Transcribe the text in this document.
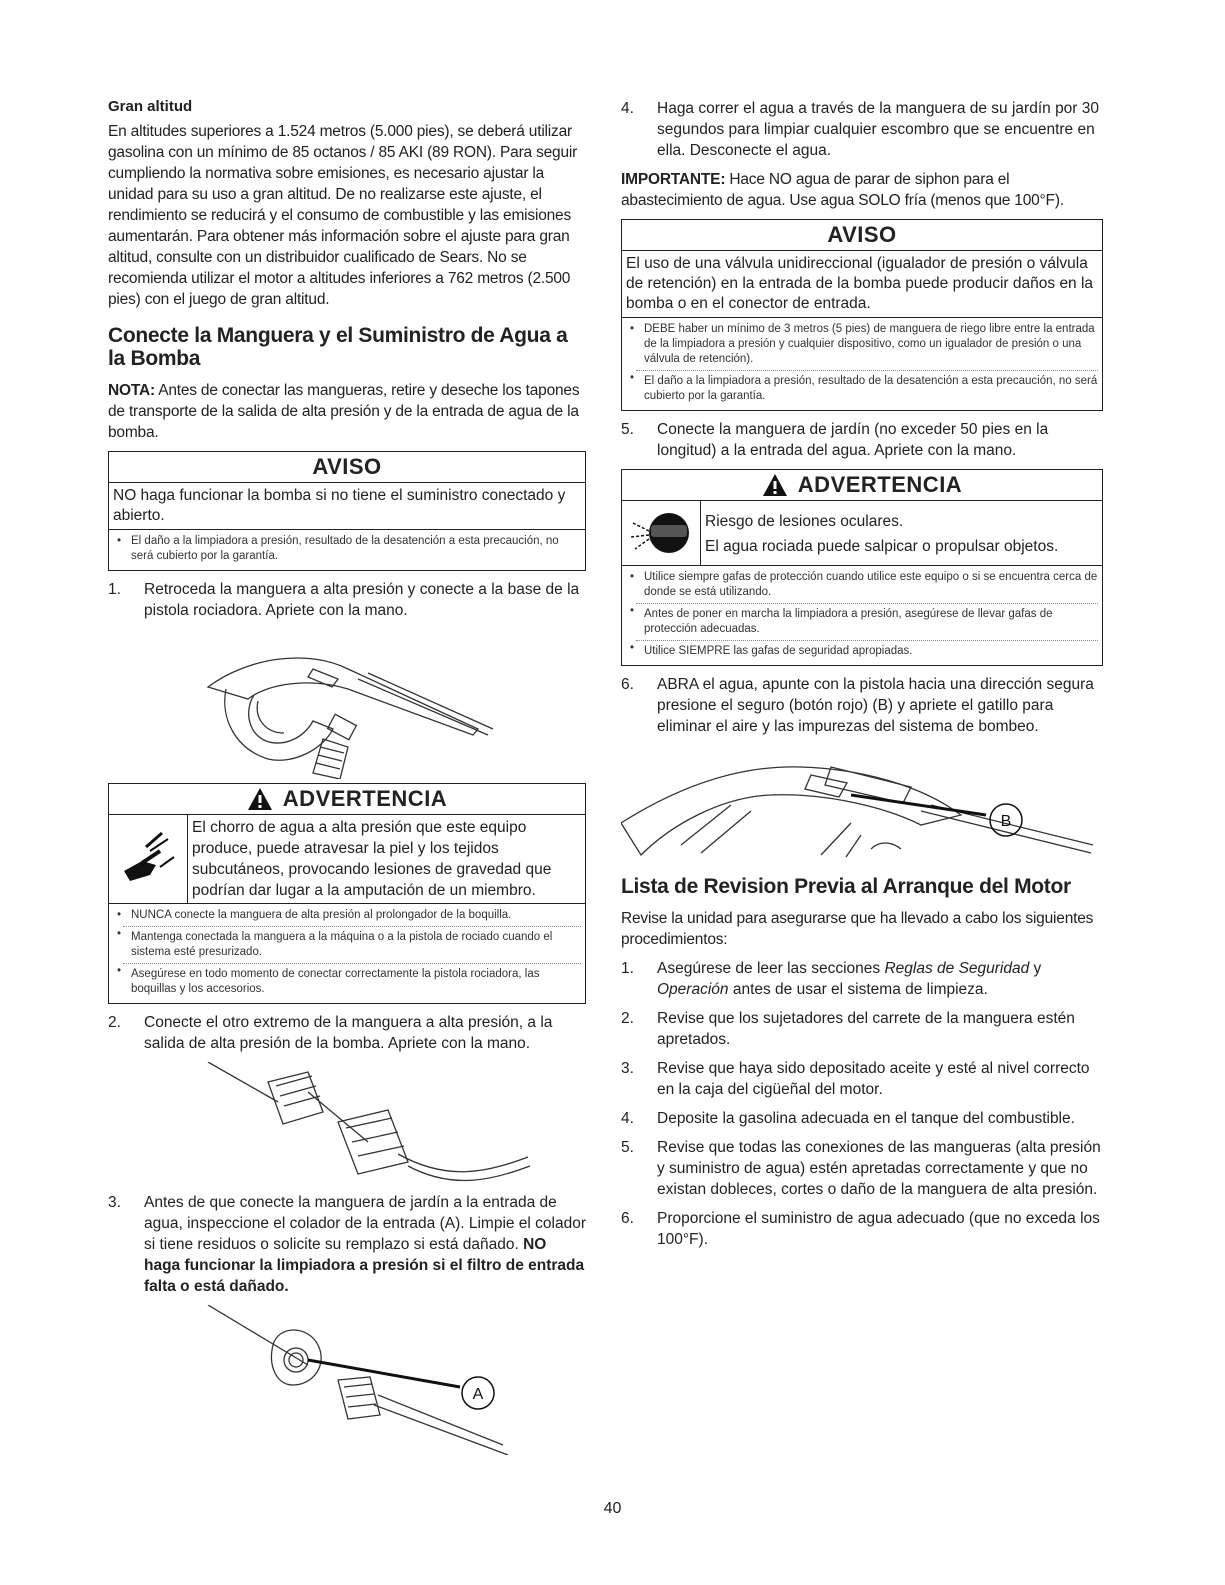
Gran altitud

En altitudes superiores a 1.524 metros (5.000 pies), se deberá utilizar gasolina con un mínimo de 85 octanos / 85 AKI (89 RON). Para seguir cumpliendo la normativa sobre emisiones, es necesario ajustar la unidad para su uso a gran altitud. De no realizarse este ajuste, el rendimiento se reducirá y el consumo de combustible y las emisiones aumentarán. Para obtener más información sobre el ajuste para gran altitud, consulte con un distribuidor cualificado de Sears. No se recomienda utilizar el motor a altitudes inferiores a 762 metros (2.500 pies) con el juego de gran altitud.

Conecte la Manguera y el Suministro de Agua a la Bomba

NOTA: Antes de conectar las mangueras, retire y deseche los tapones de transporte de la salida de alta presión y de la entrada de agua de la bomba.

AVISO
NO haga funcionar la bomba si no tiene el suministro conectado y abierto.
• El daño a la limpiadora a presión, resultado de la desatención a esta precaución, no será cubierto por la garantía.
1.	Retroceda la manguera a alta presión y conecte a la base de la pistola rociadora. Apriete con la mano.
ADVERTENCIA
El chorro de agua a alta presión que este equipo produce, puede atravesar la piel y los tejidos subcutáneos, provocando lesiones de gravedad que podrían dar lugar a la amputación de un miembro.
• NUNCA conecte la manguera de alta presión al prolongador de la boquilla.
• Mantenga conectada la manguera a la máquina o a la pistola de rociado cuando el sistema esté presurizado.
• Asegúrese en todo momento de conectar correctamente la pistola rociadora, las boquillas y los accesorios.
2.	Conecte el otro extremo de la manguera a alta presión, a la salida de alta presión de la bomba. Apriete con la mano.
3.	Antes de que conecte la manguera de jardín a la entrada de agua, inspeccione el colador de la entrada (A). Limpie el colador si tiene residuos o solicite su remplazo si está dañado. NO haga funcionar la limpiadora a presión si el filtro de entrada falta o está dañado.
A
4.	Haga correr el agua a través de la manguera de su jardín por 30 segundos para limpiar cualquier escombro que se encuentre en ella. Desconecte el agua.

IMPORTANTE: Hace NO agua de parar de siphon para el abastecimiento de agua. Use agua SOLO fría (menos que 100°F).

AVISO
El uso de una válvula unidireccional (igualador de presión o válvula de retención) en la entrada de la bomba puede producir daños en la bomba o en el conector de entrada.
• DEBE haber un mínimo de 3 metros (5 pies) de manguera de riego libre entre la entrada de la limpiadora a presión y cualquier dispositivo, como un igualador de presión o una válvula de retención).
• El daño a la limpiadora a presión, resultado de la desatención a esta precaución, no será cubierto por la garantía.
5.	Conecte la manguera de jardín (no exceder 50 pies en la longitud) a la entrada del agua. Apriete con la mano.
ADVERTENCIA
Riesgo de lesiones oculares.
El agua rociada puede salpicar o propulsar objetos.
• Utilice siempre gafas de protección cuando utilice este equipo o si se encuentra cerca de donde se está utilizando.
• Antes de poner en marcha la limpiadora a presión, asegúrese de llevar gafas de protección adecuadas.
• Utilice SIEMPRE las gafas de seguridad apropiadas.
6.	ABRA el agua, apunte con la pistola hacia una dirección segura presione el seguro (botón rojo) (B) y apriete el gatillo para eliminar el aire y las impurezas del sistema de bombeo.
B
Lista de Revision Previa al Arranque del Motor

Revise la unidad para asegurarse que ha llevado a cabo los siguientes procedimientos:

1.	Asegúrese de leer las secciones Reglas de Seguridad y Operación antes de usar el sistema de limpieza.
2.	Revise que los sujetadores del carrete de la manguera estén apretados.
3.	Revise que haya sido depositado aceite y esté al nivel correcto en la caja del cigüeñal del motor.
4.	Deposite la gasolina adecuada en el tanque del combustible.
5.	Revise que todas las conexiones de las mangueras (alta presión y suministro de agua) estén apretadas correctamente y que no existan dobleces, cortes o daño de la manguera de alta presión.
6.	Proporcione el suministro de agua adecuado (que no exceda los 100°F).
40
